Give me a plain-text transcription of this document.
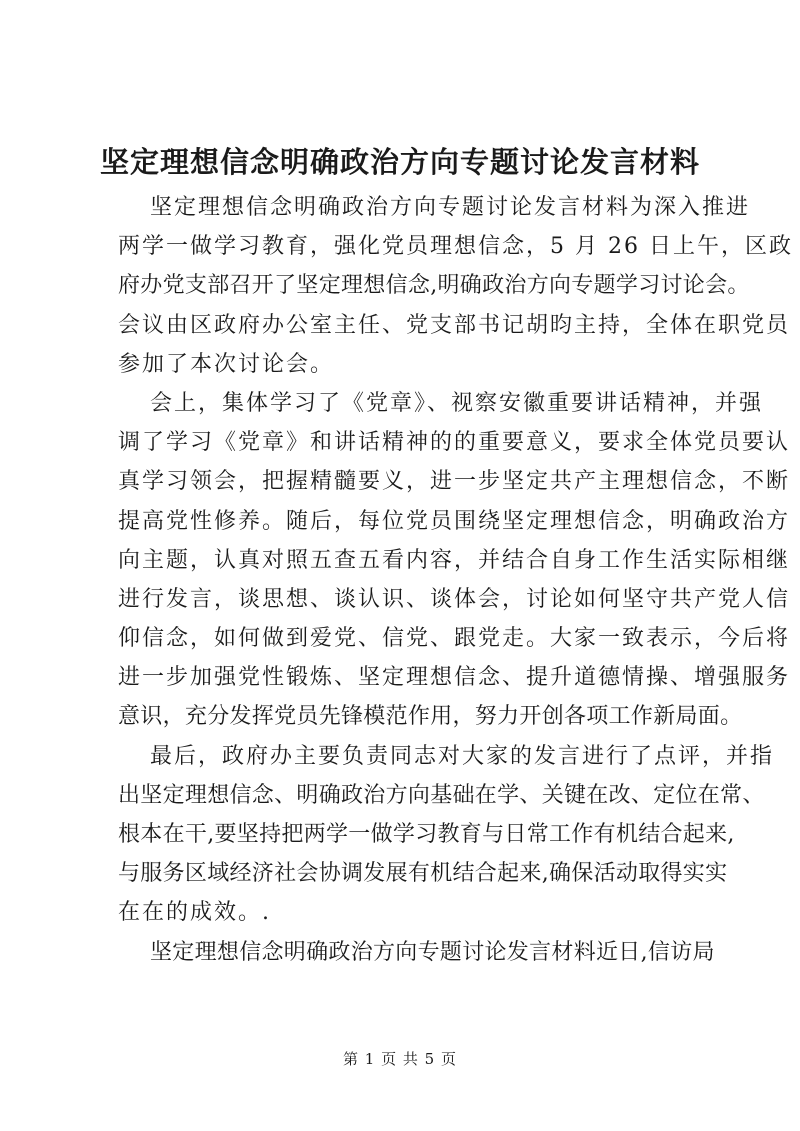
坚定理想信念明确政治方向专题讨论发言材料
坚定理想信念明确政治方向专题讨论发言材料为深入推进
两学一做学习教育，强化党员理想信念，5 月 26 日上午，区政
府办党支部召开了坚定理想信念,明确政治方向专题学习讨论会。
会议由区政府办公室主任、党支部书记胡昀主持，全体在职党员
参加了本次讨论会。
会上，集体学习了《党章》、视察安徽重要讲话精神，并强
调了学习《党章》和讲话精神的的重要意义，要求全体党员要认
真学习领会，把握精髓要义，进一步坚定共产主理想信念，不断
提高党性修养。随后，每位党员围绕坚定理想信念，明确政治方
向主题，认真对照五查五看内容，并结合自身工作生活实际相继
进行发言，谈思想、谈认识、谈体会，讨论如何坚守共产党人信
仰信念，如何做到爱党、信党、跟党走。大家一致表示，今后将
进一步加强党性锻炼、坚定理想信念、提升道德情操、增强服务
意识，充分发挥党员先锋模范作用，努力开创各项工作新局面。
最后，政府办主要负责同志对大家的发言进行了点评，并指
出坚定理想信念、明确政治方向基础在学、关键在改、定位在常、
根本在干,要坚持把两学一做学习教育与日常工作有机结合起来,
与服务区域经济社会协调发展有机结合起来,确保活动取得实实
在在的成效。.
坚定理想信念明确政治方向专题讨论发言材料近日,信访局
第 1 页 共 5 页
